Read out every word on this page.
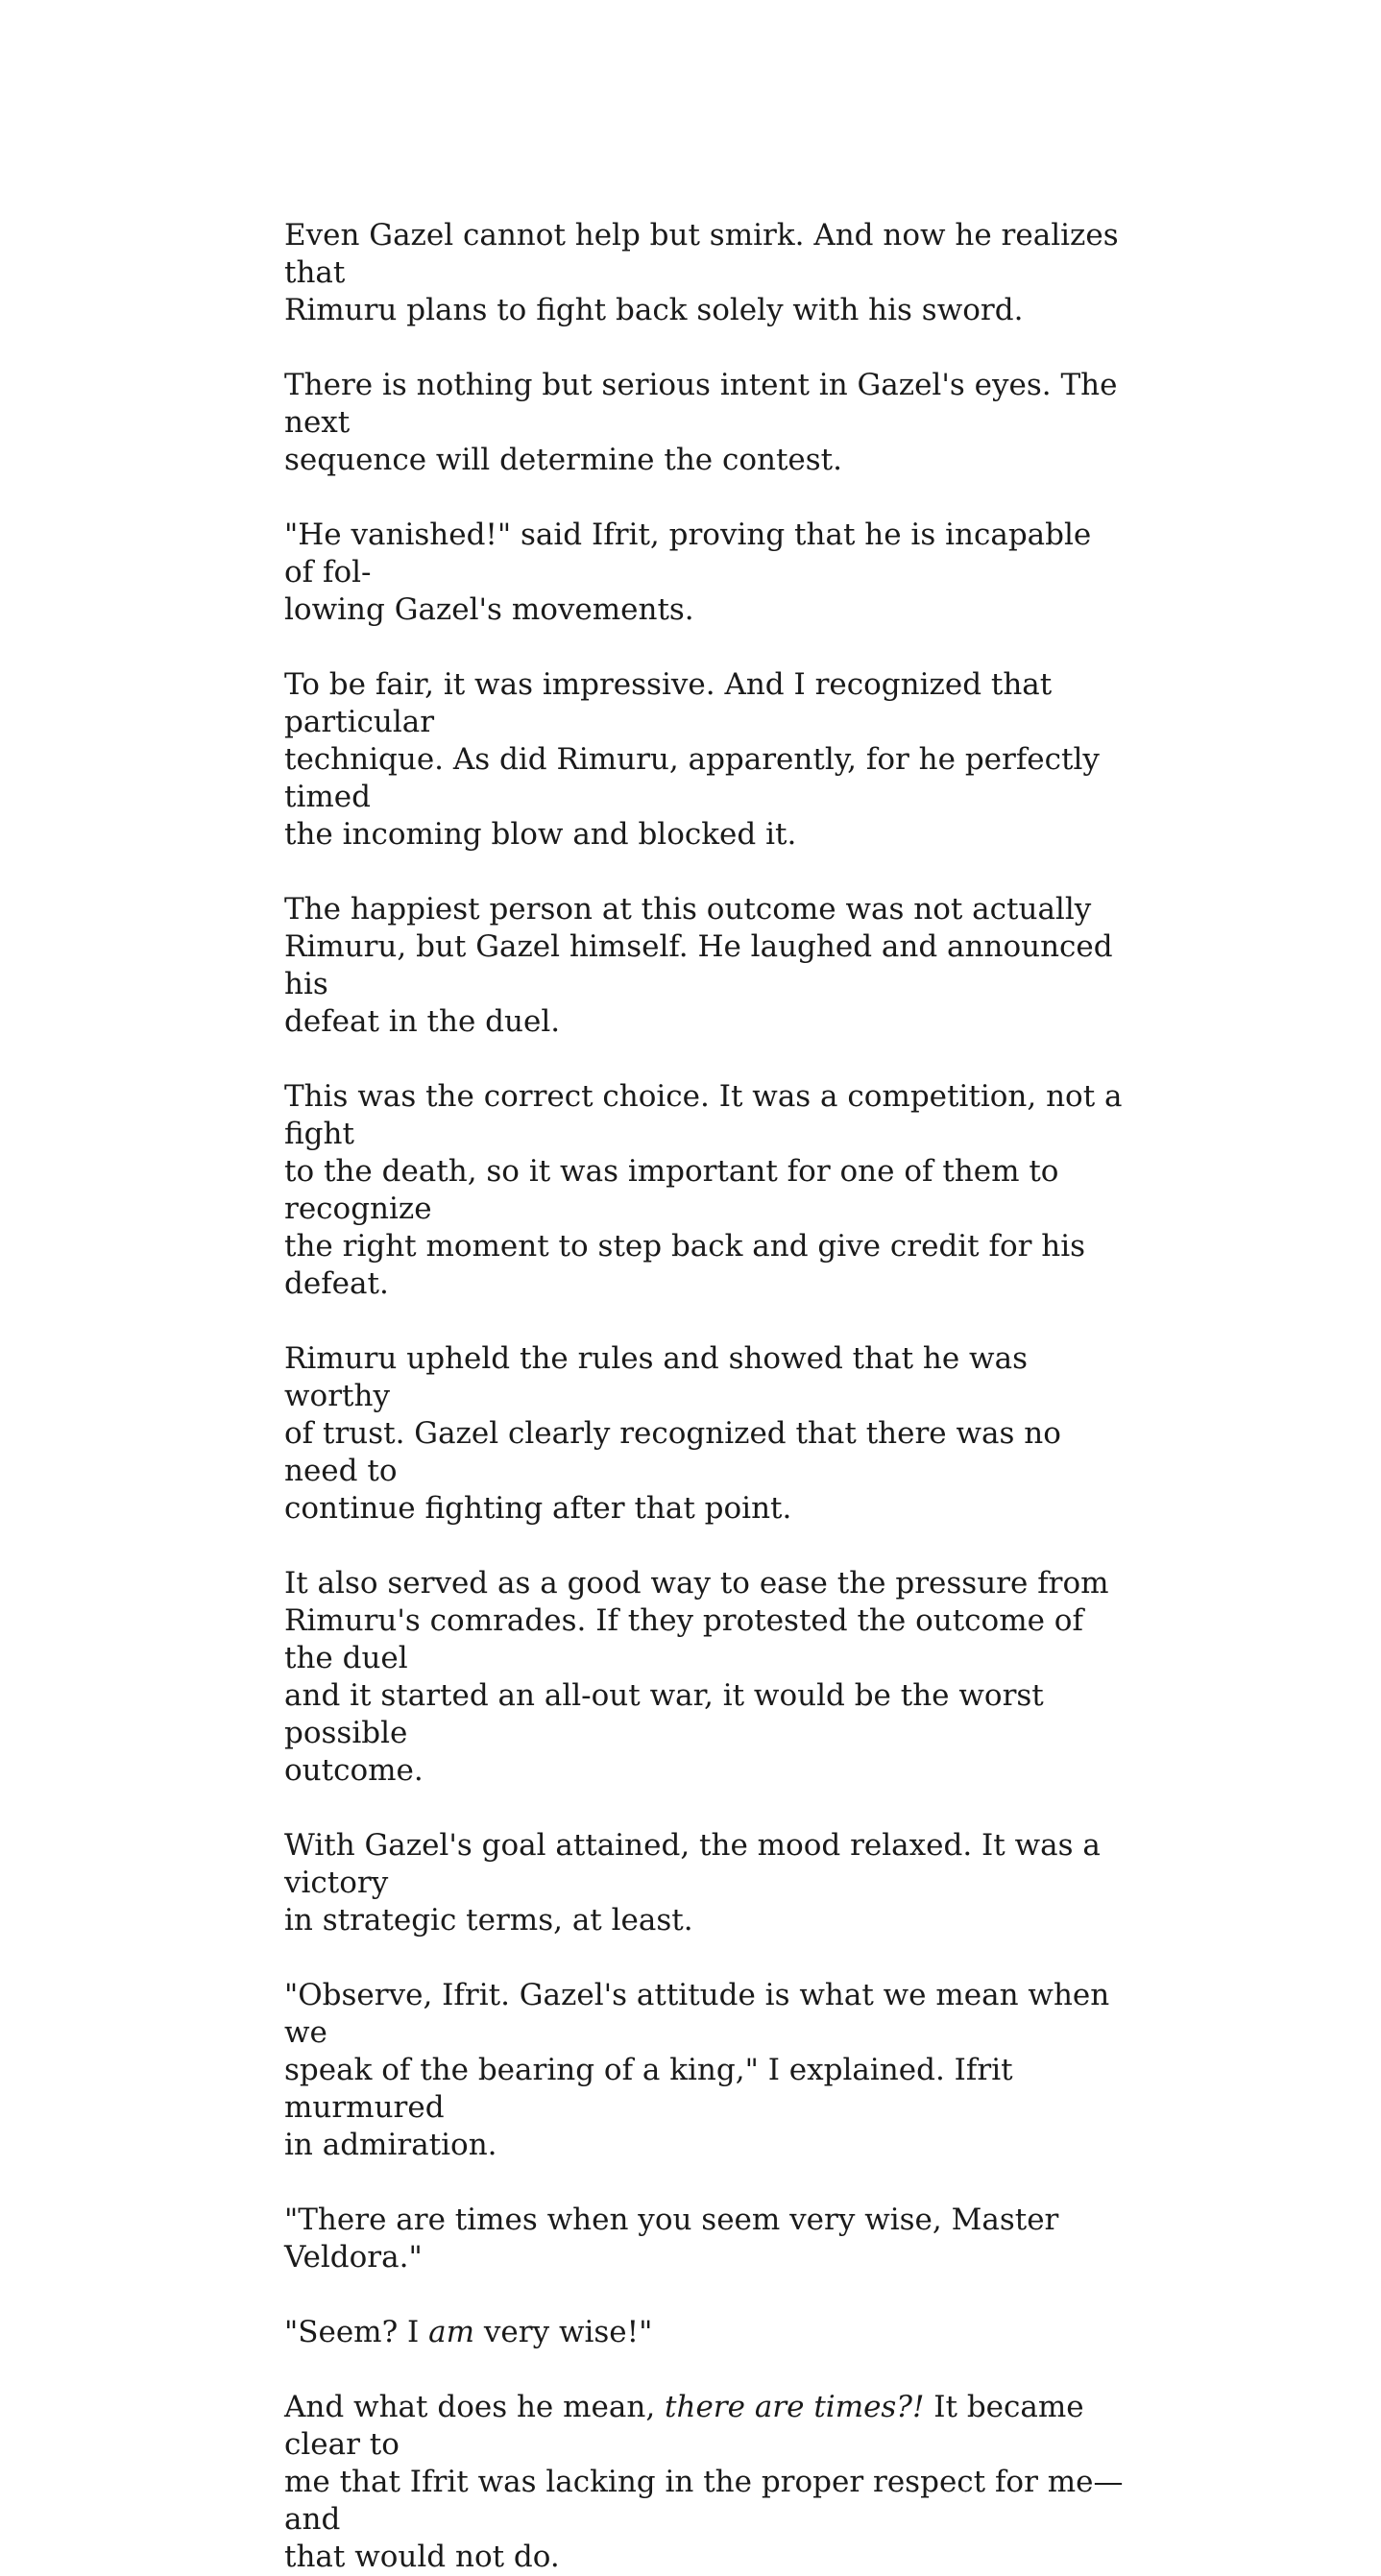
Even Gazel cannot help but smirk. And now he realizes that
Rimuru plans to fight back solely with his sword.

There is nothing but serious intent in Gazel's eyes. The next
sequence will determine the contest.

"He vanished!" said Ifrit, proving that he is incapable of fol-
lowing Gazel's movements.

To be fair, it was impressive. And I recognized that particular
technique. As did Rimuru, apparently, for he perfectly timed
the incoming blow and blocked it.

The happiest person at this outcome was not actually
Rimuru, but Gazel himself. He laughed and announced his
defeat in the duel.

This was the correct choice. It was a competition, not a fight
to the death, so it was important for one of them to recognize
the right moment to step back and give credit for his defeat.

Rimuru upheld the rules and showed that he was worthy
of trust. Gazel clearly recognized that there was no need to
continue fighting after that point.

It also served as a good way to ease the pressure from
Rimuru's comrades. If they protested the outcome of the duel
and it started an all-out war, it would be the worst possible
outcome.

With Gazel's goal attained, the mood relaxed. It was a victory
in strategic terms, at least.

"Observe, Ifrit. Gazel's attitude is what we mean when we
speak of the bearing of a king," I explained. Ifrit murmured
in admiration.

"There are times when you seem very wise, Master Veldora."

"Seem? I am very wise!"

And what does he mean, there are times?! It became clear to
me that Ifrit was lacking in the proper respect for me—and
that would not do.
